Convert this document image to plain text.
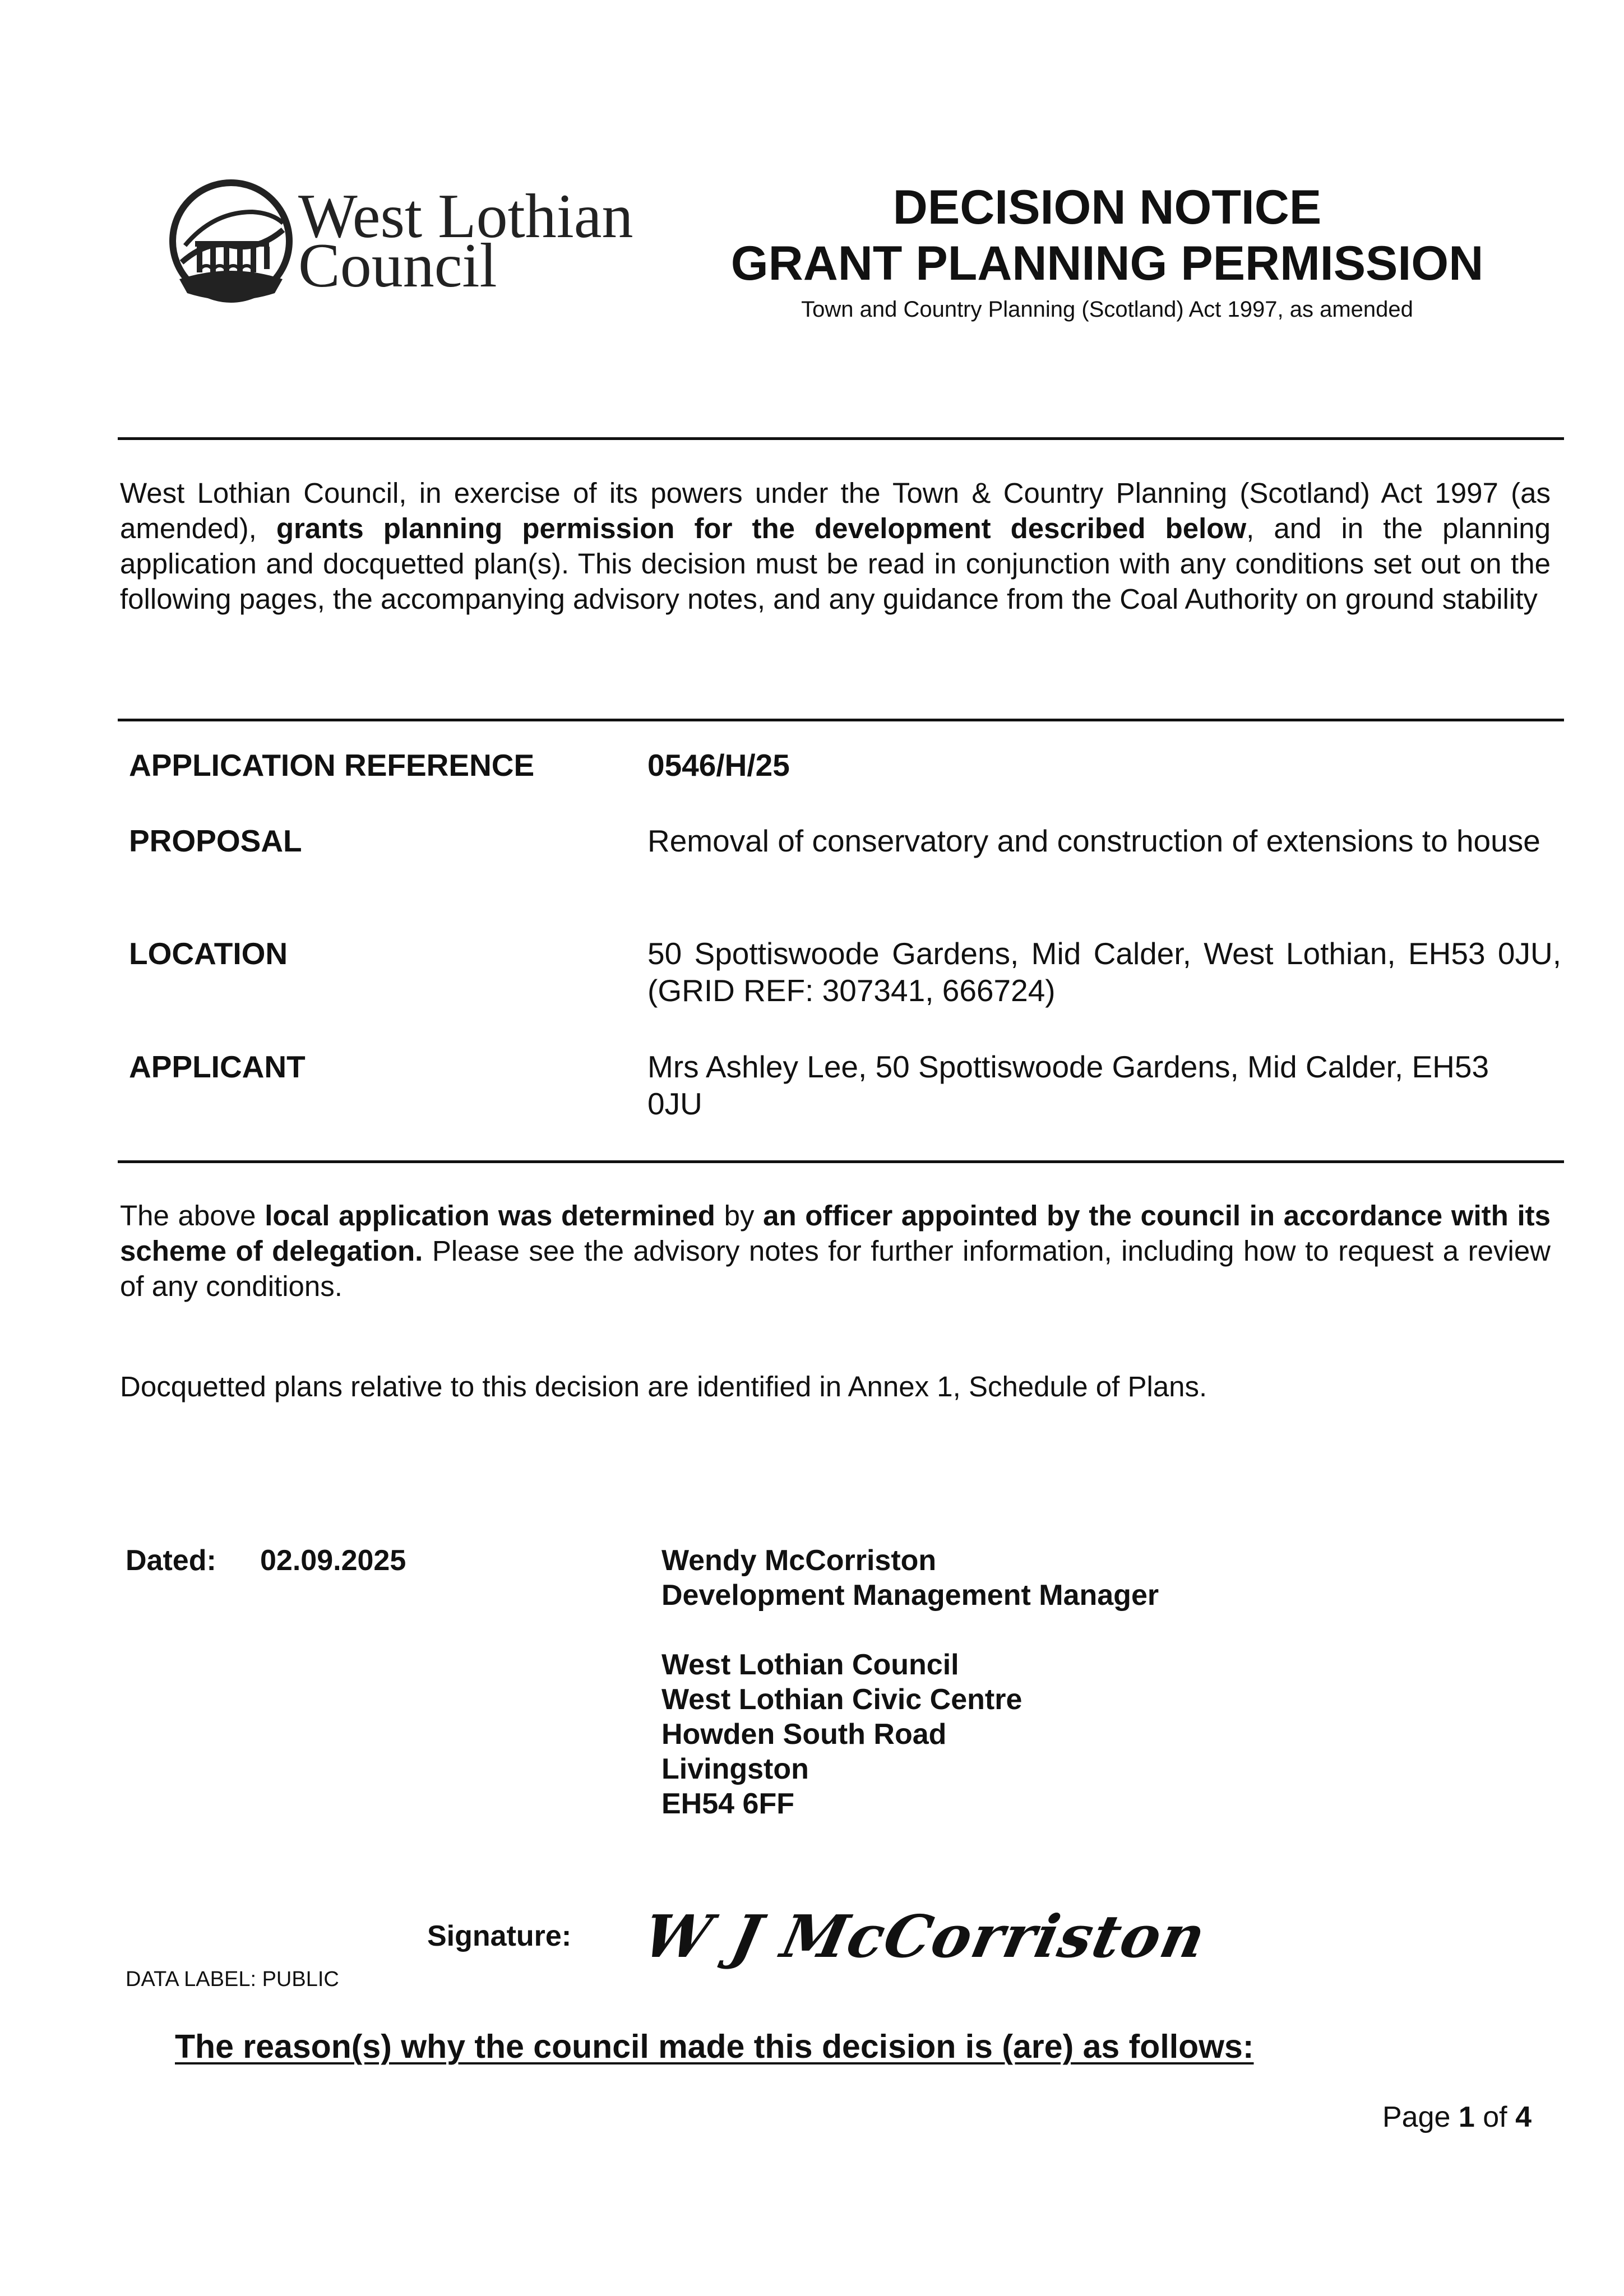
West Lothian
Council
DECISION NOTICE
GRANT PLANNING PERMISSION
Town and Country Planning (Scotland) Act 1997, as amended
West Lothian Council, in exercise of its powers under the Town & Country Planning (Scotland) Act 1997 (as amended), grants planning permission for the development described below, and in the planning application and docquetted plan(s). This decision must be read in conjunction with any conditions set out on the following pages, the accompanying advisory notes, and any guidance from the Coal Authority on ground stability
APPLICATION REFERENCE	0546/H/25
PROPOSAL	Removal of conservatory and construction of extensions to house
LOCATION	50 Spottiswoode Gardens, Mid Calder, West Lothian, EH53 0JU, (GRID REF: 307341, 666724)
APPLICANT	Mrs Ashley Lee, 50 Spottiswoode Gardens, Mid Calder, EH53 0JU
The above local application was determined by an officer appointed by the council in accordance with its scheme of delegation. Please see the advisory notes for further information, including how to request a review of any conditions.
Docquetted plans relative to this decision are identified in Annex 1, Schedule of Plans.
Dated: 02.09.2025	Wendy McCorriston
Development Management Manager
West Lothian Council
West Lothian Civic Centre
Howden South Road
Livingston
EH54 6FF
Signature: W J McCorriston
DATA LABEL: PUBLIC
The reason(s) why the council made this decision is (are) as follows:
Page 1 of 4
